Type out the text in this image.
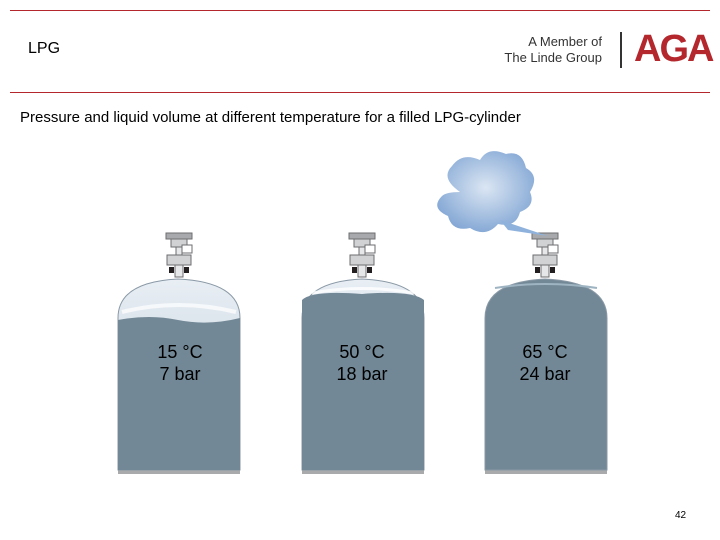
LPG	A Member of
The Linde Group AGA
Pressure and liquid volume at different temperature for a filled LPG-cylinder
15 °C
7 bar
50 °C
18 bar
65 °C
24 bar
42
